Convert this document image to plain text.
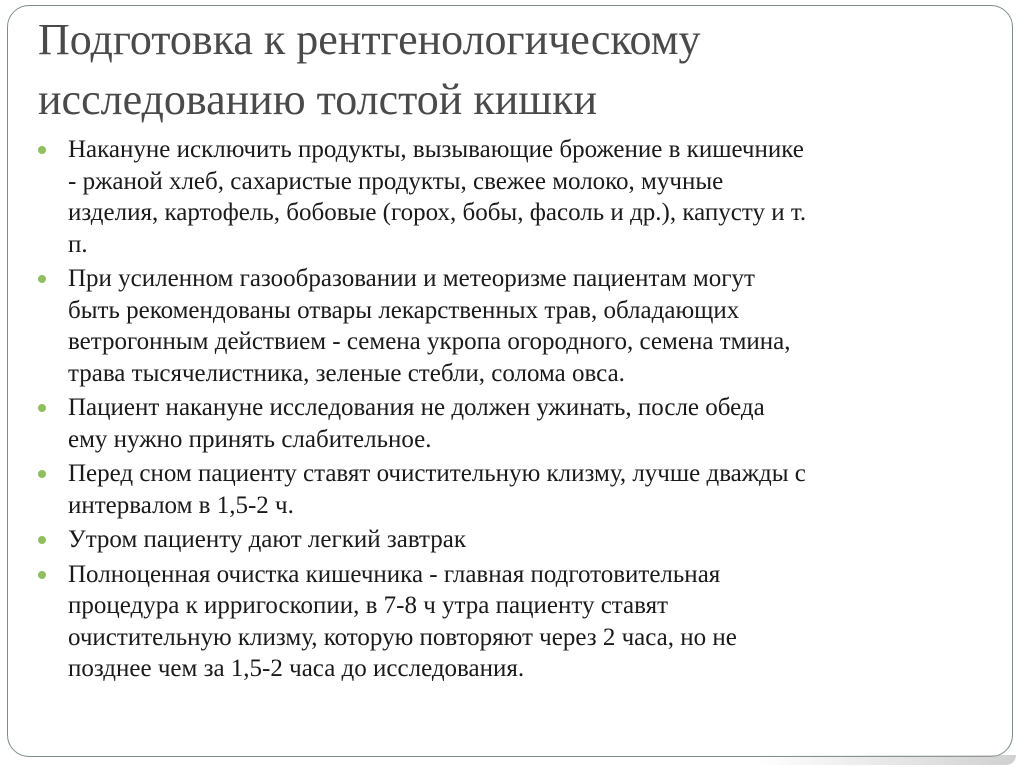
Подготовка к рентгенологическому
исследованию толстой кишки
Накануне исключить продукты, вызывающие брожение в кишечнике
- ржаной хлеб, сахаристые продукты, свежее молоко, мучные
изделия, картофель, бобовые (горох, бобы, фасоль и др.), капусту и т.
п.
При усиленном газообразовании и метеоризме пациентам могут
быть рекомендованы отвары лекарственных трав, обладающих
ветрогонным действием - семена укропа огородного, семена тмина,
трава тысячелистника, зеленые стебли, солома овса.
Пациент накануне исследования не должен ужинать, после обеда
ему нужно принять слабительное.
Перед сном пациенту ставят очистительную клизму, лучше дважды с
интервалом в 1,5-2 ч.
Утром пациенту дают легкий завтрак
Полноценная очистка кишечника - главная подготовительная
процедура к ирригоскопии, в 7-8 ч утра пациенту ставят
очистительную клизму, которую повторяют через 2 часа, но не
позднее чем за 1,5-2 часа до исследования.
